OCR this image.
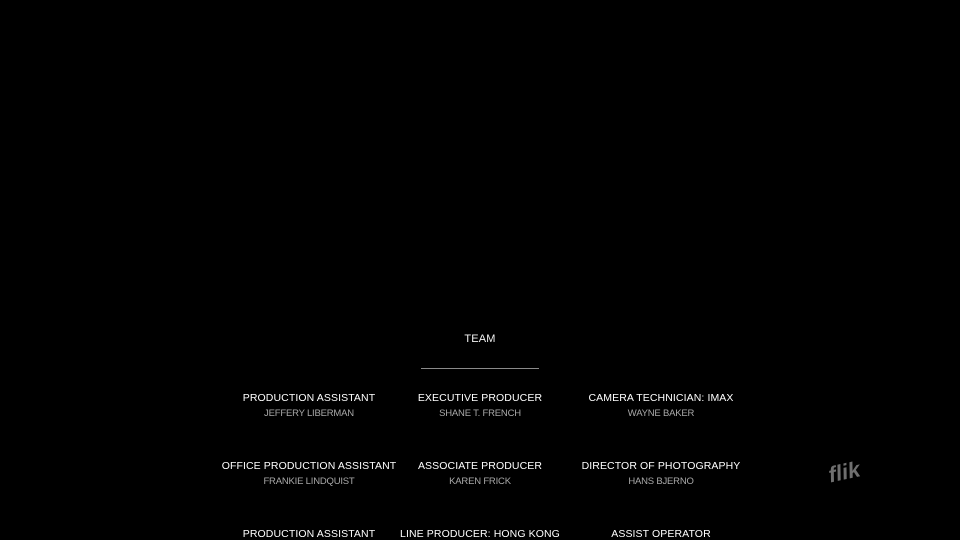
TEAM
PRODUCTION ASSISTANT
JEFFERY LIBERMAN
EXECUTIVE PRODUCER
SHANE T. FRENCH
CAMERA TECHNICIAN: IMAX
WAYNE BAKER
OFFICE PRODUCTION ASSISTANT
FRANKIE LINDQUIST
ASSOCIATE PRODUCER
KAREN FRICK
DIRECTOR OF PHOTOGRAPHY
HANS BJERNO
PRODUCTION ASSISTANT	LINE PRODUCER: HONG KONG	ASSIST OPERATOR
flik
